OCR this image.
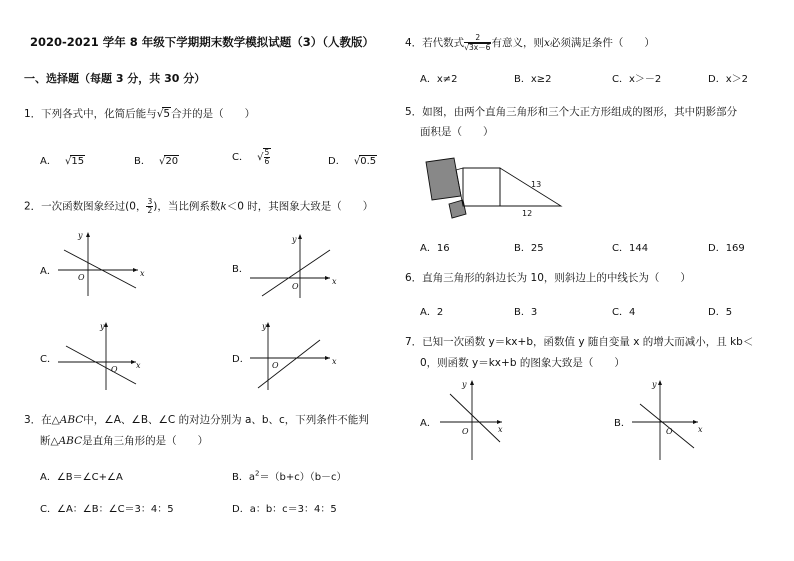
2020-2021 学年 8 年级下学期期末数学模拟试题（3）（人教版）
一、选择题（每题 3 分，共 30 分）
1．下列各式中，化简后能与√5合并的是（　　）
A．　 √15	B．　 √20	C．　 √ $\frac{5}{6}$	D．　 √0.5
2．一次函数图象经过(0， $\frac{3}{2}$ )，当比例系数k＜0 时，其图象大致是（　　）
A．
y
x
O
B．
y
x
O
C．
y
x
O
D．
y
x
O
3．在△ABC中，∠A、∠B、∠C 的对边分别为 a、b、c，下列条件不能判
断△ABC是直角三角形的是（　　）
A．∠B＝∠C+∠A	B．$a^2=(b+c)(b-c)$
C．∠A：∠B：∠C＝3：4：5	D．a：b：c＝3：4：5
4．若代数式 $\frac{2}{√3x-6}$ 有意义，则x必须满足条件（　　）
A．x≠2	B．x≥2	C．x＞－2	D．x＞2
5．如图，由两个直角三角形和三个大正方形组成的图形，其中阴影部分
面积是（　　）
13
12
A．16	B．25	C．144	D．169
6．直角三角形的斜边长为 10，则斜边上的中线长为（　　）
A．2	B．3	C．4	D．5
7．已知一次函数 y＝kx+b，函数值 y 随自变量 x 的增大而减小，且 kb＜
0，则函数 y＝kx+b 的图象大致是（　　）
A．
y
x
O
B．
y
x
O
